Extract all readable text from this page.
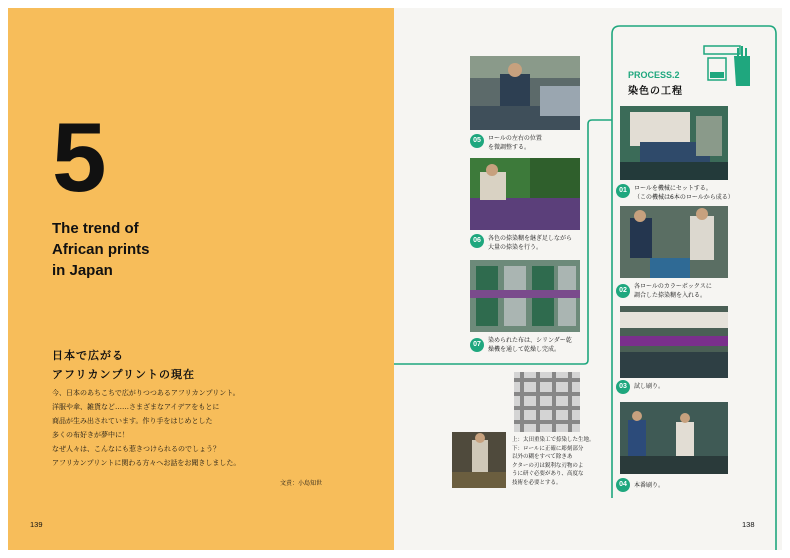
5
The trend of
African prints
in Japan
日本で広がる
アフリカンプリントの現在
今、日本のあちこちで広がりつつあるアフリカンプリント。
洋服や傘、雑貨など……さまざまなアイデアをもとに
商品が生み出されています。作り手をはじめとした
多くの布好きが夢中に！
なぜ人々は、こんなにも惹きつけられるのでしょう？
アフリカンプリントに関わる方々へお話をお聞きしました。
文責：小島知世
139
PROCESS.2
染色の工程
05	ロールの左右の位置
を微調整する。
06	各色の捺染糊を継ぎ足しながら
大量の捺染を行う。
07
染められた布は、シリンダー乾
燥機を通して乾燥し完成。
上：太田重染工で捺染した生地。
下：ロールに正確に彫刻部分
以外の糊をすべて除きあ
クターの刃は鋭利な刃物のよ
うに研ぐ必要があり、高度な
技術を必要とする。
01	ロールを機械にセットする。
（この機械は6本のロールから成る）
02
各ロールのカラーボックスに
調合した捺染糊を入れる。
03	試し刷り。
04	本番刷り。
138
